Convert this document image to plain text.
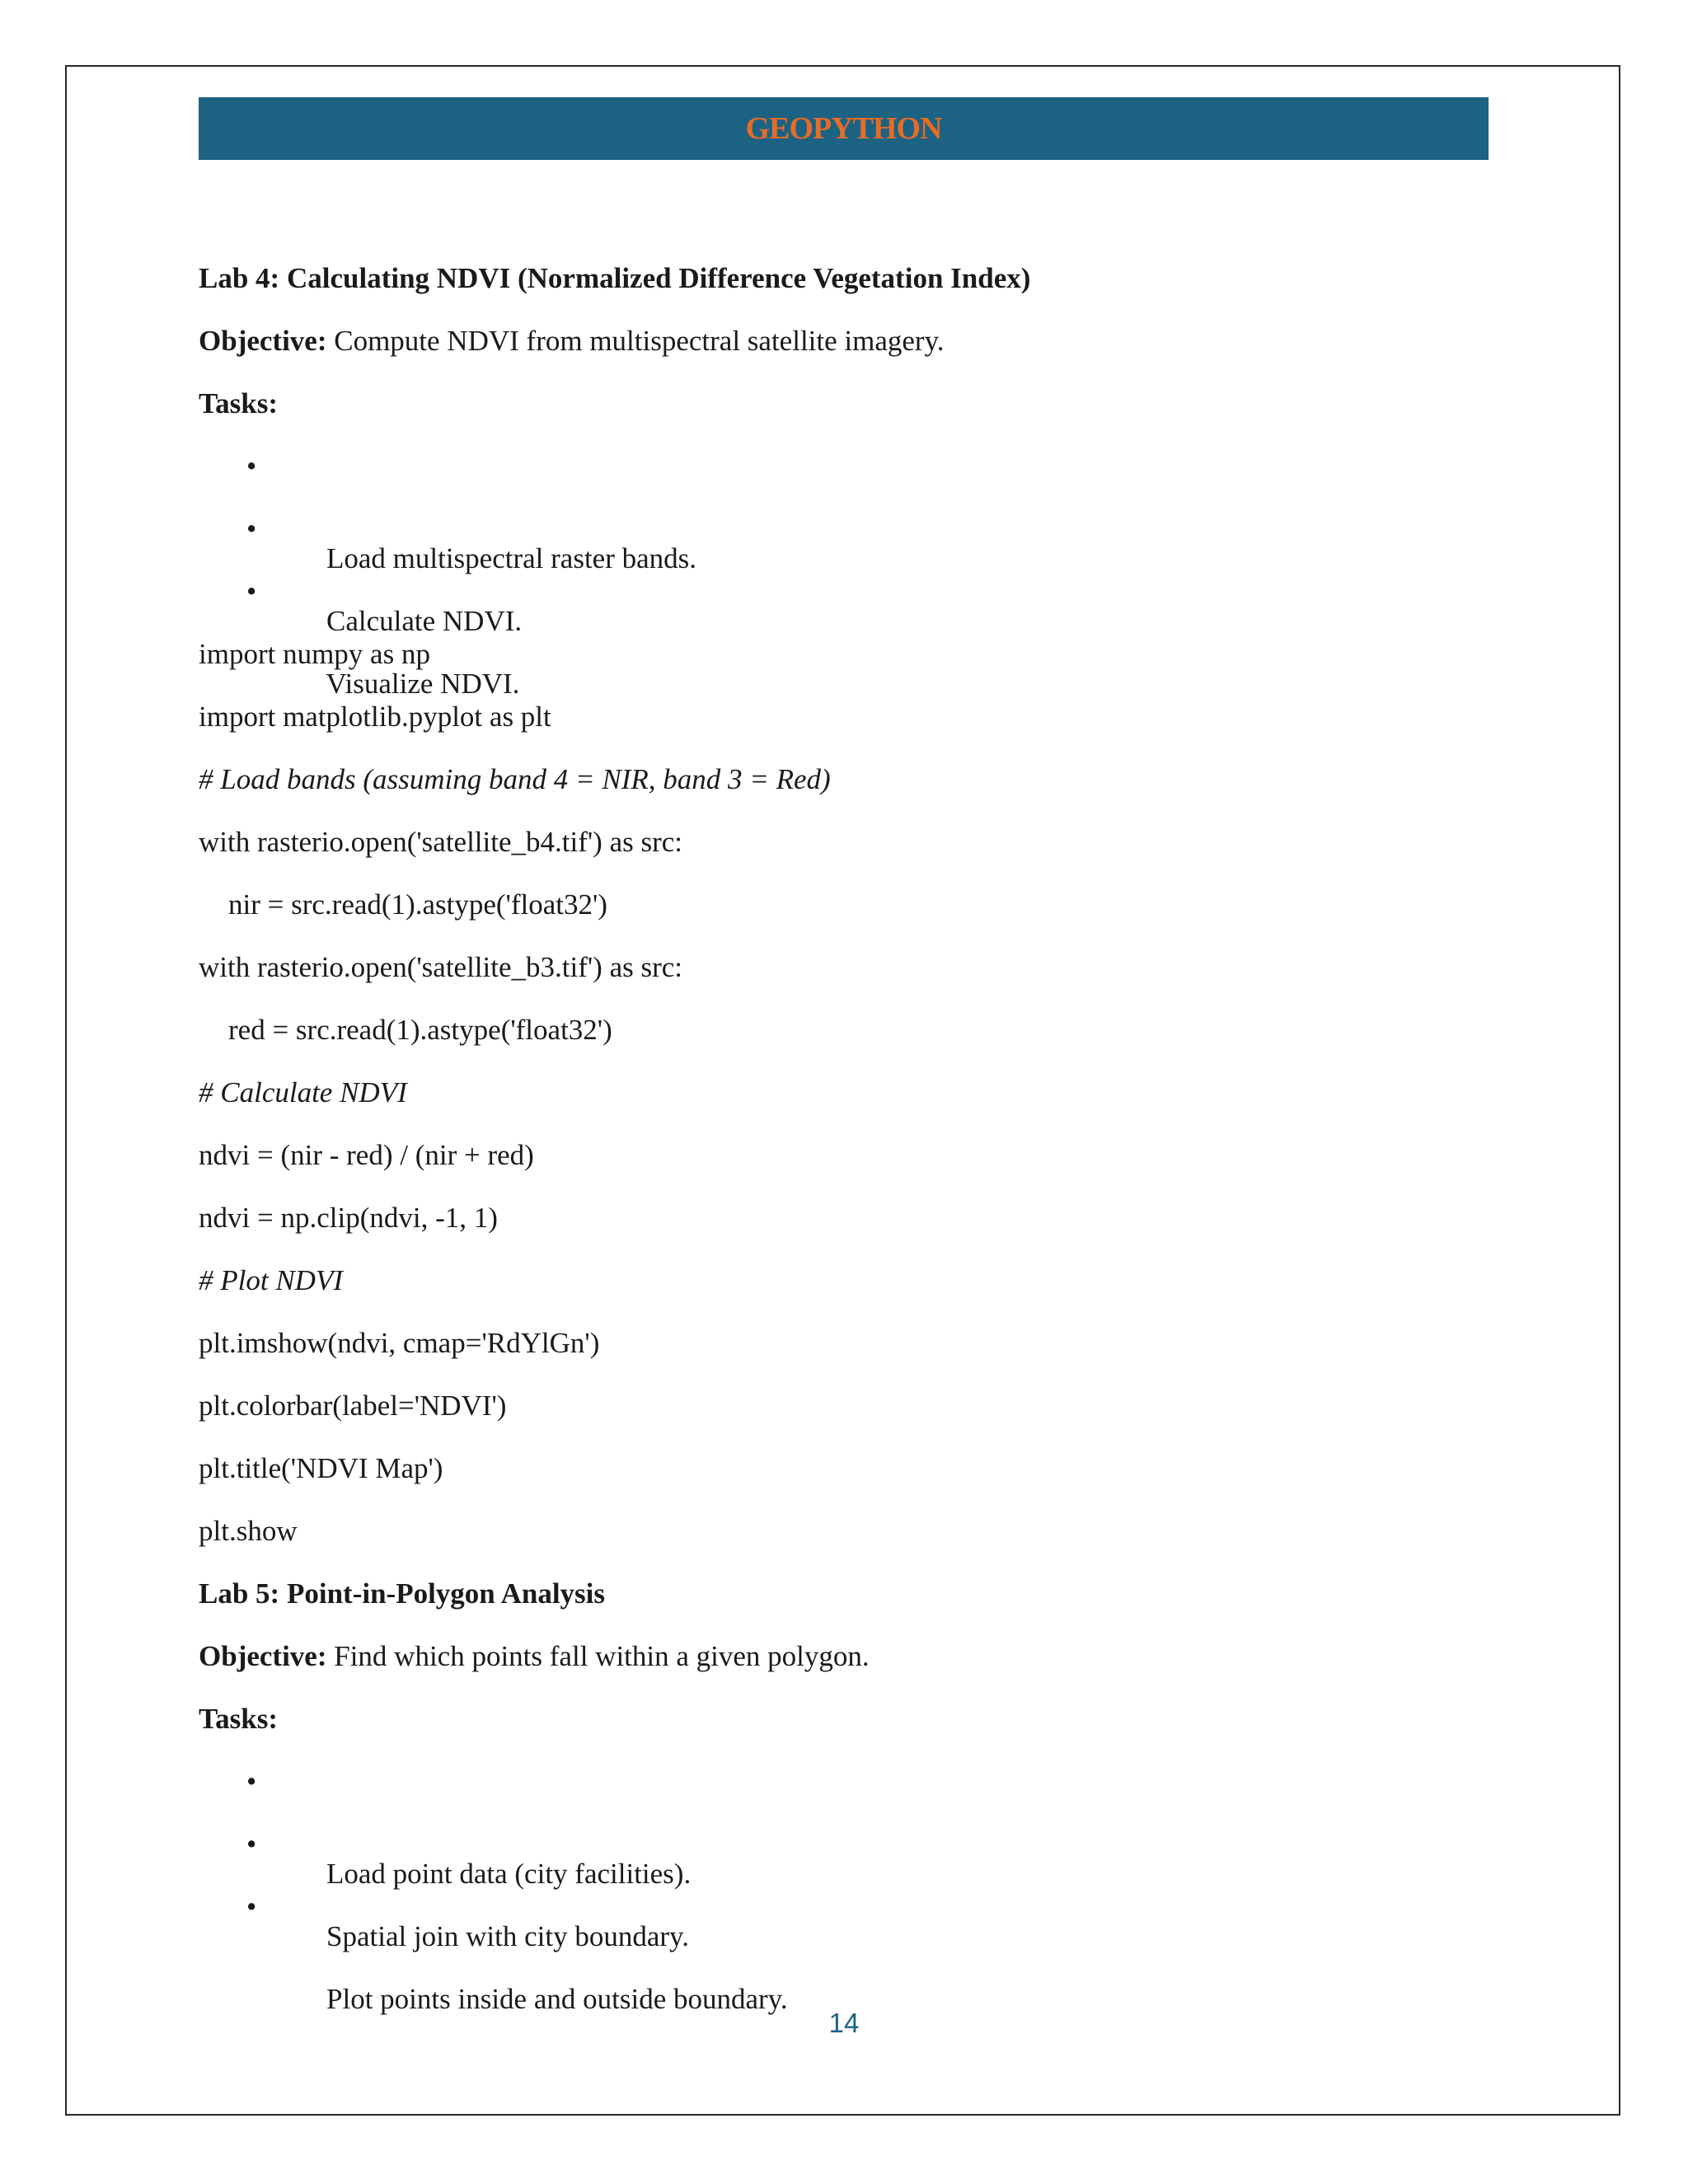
GEOPYTHON
Lab 4: Calculating NDVI (Normalized Difference Vegetation Index)
Objective: Compute NDVI from multispectral satellite imagery.
Tasks:

•

Load multispectral raster bands.

•

Calculate NDVI.

•

Visualize NDVI.

import numpy as np
import matplotlib.pyplot as plt
# Load bands (assuming band 4 = NIR, band 3 = Red)
with rasterio.open('satellite_b4.tif') as src:
nir = src.read(1).astype('float32')
with rasterio.open('satellite_b3.tif') as src:
red = src.read(1).astype('float32')
# Calculate NDVI
ndvi = (nir - red) / (nir + red)
ndvi = np.clip(ndvi, -1, 1)
# Plot NDVI
plt.imshow(ndvi, cmap='RdYlGn')
plt.colorbar(label='NDVI')
plt.title('NDVI Map')
plt.show
Lab 5: Point-in-Polygon Analysis
Objective: Find which points fall within a given polygon.
Tasks:

•

Load point data (city facilities).

•

Spatial join with city boundary.

•

Plot points inside and outside boundary.

14
